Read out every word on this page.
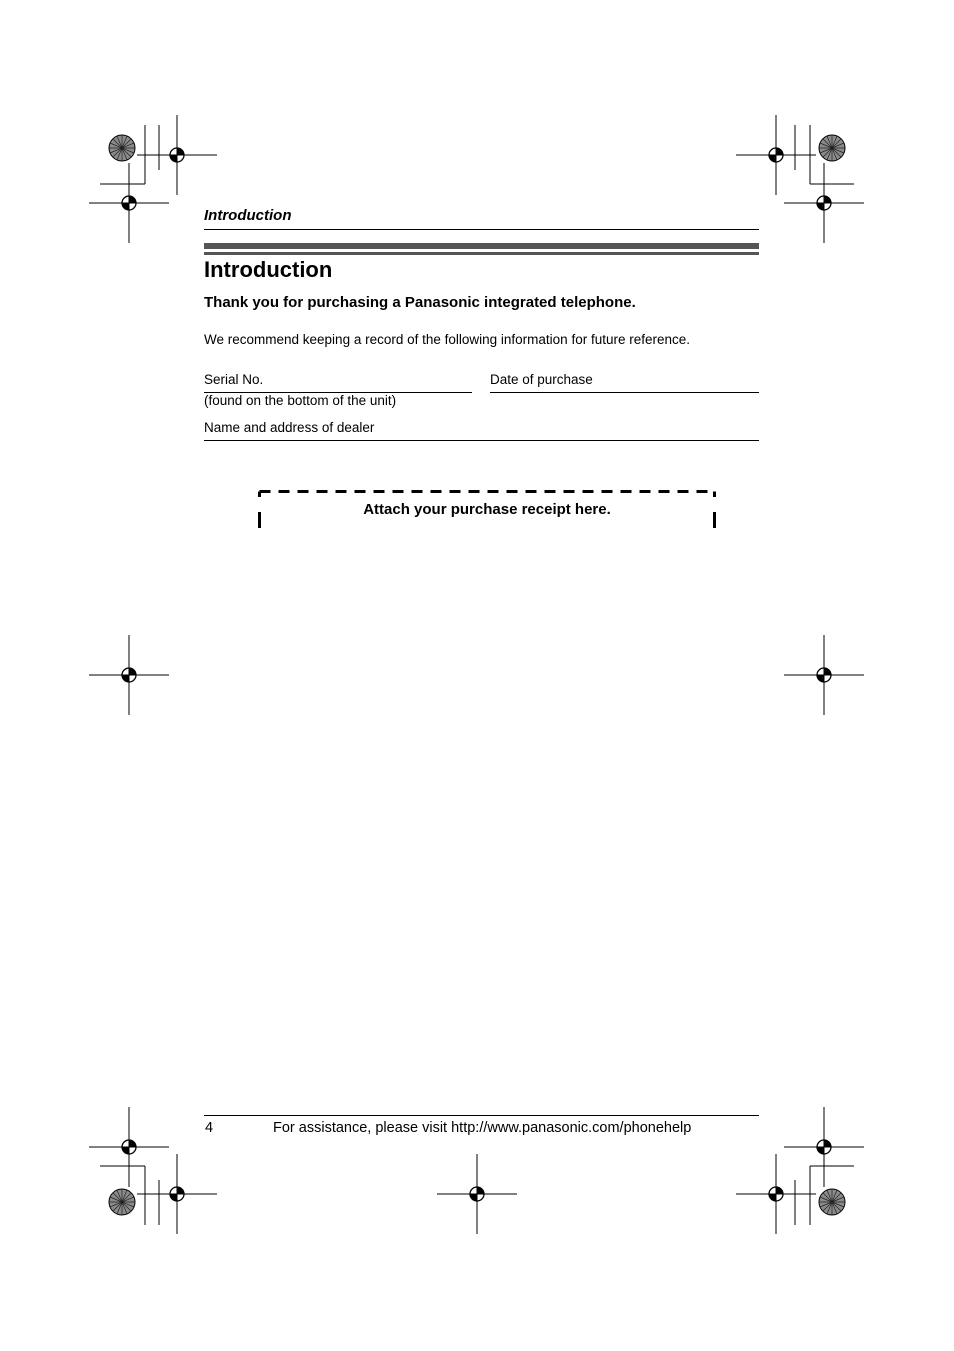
Introduction
Introduction
Thank you for purchasing a Panasonic integrated telephone.
We recommend keeping a record of the following information for future reference.
Serial No.
(found on the bottom of the unit)
Date of purchase
Name and address of dealer
Attach your purchase receipt here.
4	For assistance, please visit http://www.panasonic.com/phonehelp
